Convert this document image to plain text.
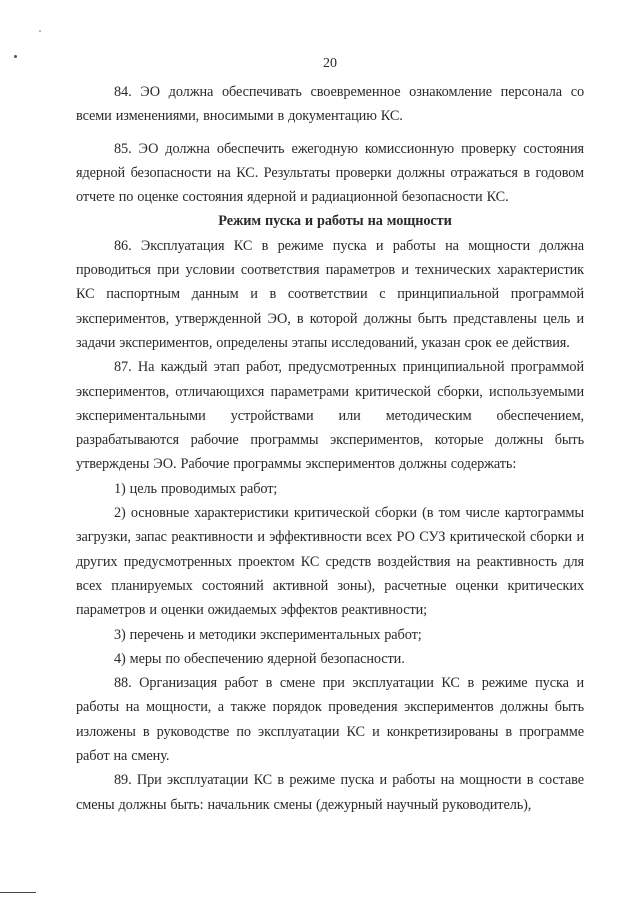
20

84. ЭО должна обеспечивать своевременное ознакомление персонала со всеми изменениями, вносимыми в документацию КС.

85. ЭО должна обеспечить ежегодную комиссионную проверку состояния ядерной безопасности на КС. Результаты проверки должны отражаться в годовом отчете по оценке состояния ядерной и радиационной безопасности КС.

Режим пуска и работы на мощности

86. Эксплуатация КС в режиме пуска и работы на мощности должна проводиться при условии соответствия параметров и технических характеристик КС паспортным данным и в соответствии с принципиальной программой экспериментов, утвержденной ЭО, в которой должны быть представлены цель и задачи экспериментов, определены этапы исследований, указан срок ее действия.

87. На каждый этап работ, предусмотренных принципиальной программой экспериментов, отличающихся параметрами критической сборки, используемыми экспериментальными устройствами или методическим обеспечением, разрабатываются рабочие программы экспериментов, которые должны быть утверждены ЭО. Рабочие программы экспериментов должны содержать:

1) цель проводимых работ;

2) основные характеристики критической сборки (в том числе картограммы загрузки, запас реактивности и эффективности всех РО СУЗ критической сборки и других предусмотренных проектом КС средств воздействия на реактивность для всех планируемых состояний активной зоны), расчетные оценки критических параметров и оценки ожидаемых эффектов реактивности;

3) перечень и методики экспериментальных работ;

4) меры по обеспечению ядерной безопасности.

88. Организация работ в смене при эксплуатации КС в режиме пуска и работы на мощности, а также порядок проведения экспериментов должны быть изложены в руководстве по эксплуатации КС и конкретизированы в программе работ на смену.

89. При эксплуатации КС в режиме пуска и работы на мощности в составе смены должны быть: начальник смены (дежурный научный руководитель),
